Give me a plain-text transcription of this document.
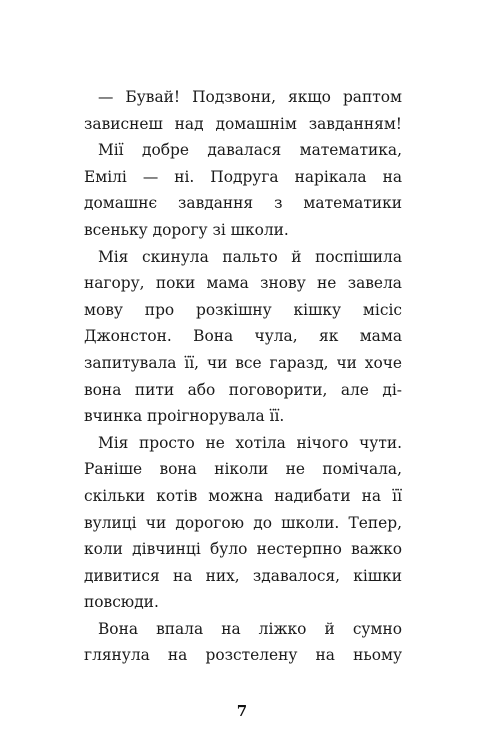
— Бувай! Подзвони, якщо раптом
зависнеш над домашнім завданням!
Мії добре давалася математика,
Емілі — ні. Подруга нарікала на
домашнє завдання з математики
всеньку дорогу зі школи.
Мія скинула пальто й поспішила
нагору, поки мама знову не завела
мову про розкішну кішку місіс
Джонстон. Вона чула, як мама
запитувала її, чи все гаразд, чи хоче
вона пити або поговорити, але ді-
вчинка проігнорувала її.
Мія просто не хотіла нічого чути.
Раніше вона ніколи не помічала,
скільки котів можна надибати на її
вулиці чи дорогою до школи. Тепер,
коли дівчинці було нестерпно важко
дивитися на них, здавалося, кішки
повсюди.
Вона впала на ліжко й сумно
глянула на розстелену на ньому
7
